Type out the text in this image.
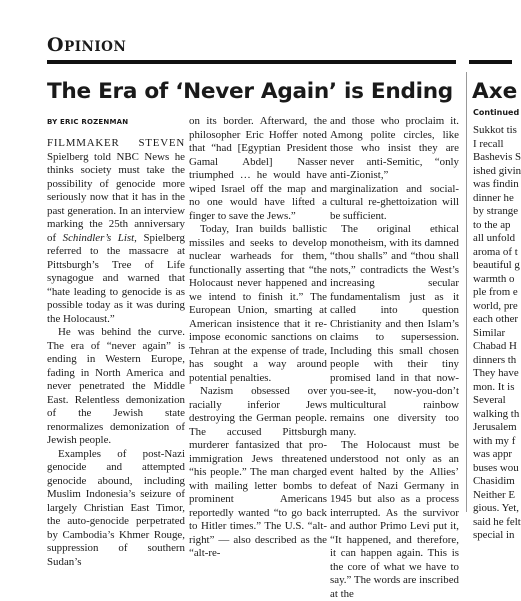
OPINION
The Era of ‘Never Again’ is Ending
BY ERIC ROZENMAN

FILMMAKER STEVEN Spielberg told NBC News he thinks society must take the possibility of genocide more seriously now that it has in the past generation. In an interview marking the 25th anniversary of Schindler’s List, Spielberg referred to the massacre at Pittsburgh’s Tree of Life synagogue and warned that “hate leading to genocide is as possible today as it was during the Holocaust.”

He was behind the curve. The era of “never again” is ending in Western Europe, fading in North America and never penetrated the Middle East. Relentless demonization of the Jewish state renormalizes demonization of Jewish people.

Examples of post-Nazi genocide and attempted genocide abound, including Muslim Indonesia’s seizure of largely Christian East Timor, the auto-genocide perpetrated by Cambodia’s Khmer Rouge, suppression of southern Sudan’s

on its border. Afterward, the philosopher Eric Hoffer noted that “had [Egyptian President Gamal Abdel] Nasser triumphed … he would have wiped Israel off the map and no one would have lifted a finger to save the Jews.”

Today, Iran builds ballistic missiles and seeks to develop nuclear warheads for them, functionally asserting that “the Holocaust never happened and we intend to finish it.” The European Union, smarting at American insistence that it re-impose economic sanctions on Tehran at the expense of trade, has sought a way around potential penalties.

Nazism obsessed over racially inferior Jews destroying the German people. The accused Pittsburgh murderer fantasized that pro-immigration Jews threatened “his people.” The man charged with mailing letter bombs to prominent Americans reportedly wanted “to go back to Hitler times.” The U.S. “alt-right” — also described as the “alt-re-

and those who proclaim it. Among polite circles, like those who insist they are never anti-Semitic, “only anti-Zionist,” marginalization and social-cultural re-ghettoization will be sufficient.

The original ethical monotheism, with its damned “thou shalls” and “thou shall nots,” contradicts the West’s increasing secular fundamentalism just as it called into question Christianity and then Islam’s claims to supersession. Including this small chosen people with their tiny promised land in that now-you-see-it, now-you-don’t multicultural rainbow remains one diversity too many.

The Holocaust must be understood not only as an event halted by the Allies’ defeat of Nazi Germany in 1945 but also as a process interrupted. As the survivor and author Primo Levi put it, “It happened, and therefore, it can happen again. This is the core of what we have to say.” The words are inscribed at the

Axe
Continued

Sukkot tis

I recall

Bashevis S

ished givin

was findin

dinner he

by strange

to the ap

all unfold

aroma of t

beautiful g

warmth o

ple from e

world, pre

each other

Similar

Chabad H

dinners th

They have

mon. It is

Several

walking th

Jerusalem

with my f

was appr

buses wou

Chasidim

Neither E

gious. Yet,

said he felt

special in
